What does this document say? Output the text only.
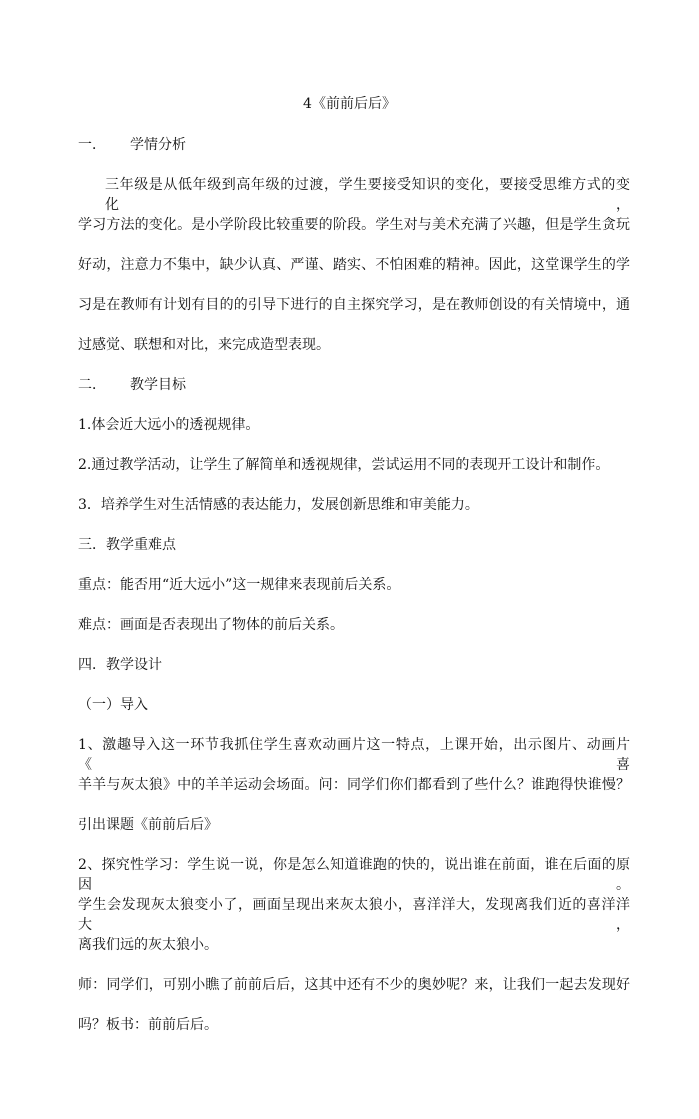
4《前前后后》
一． 学情分析
三年级是从低年级到高年级的过渡，学生要接受知识的变化，要接受思维方式的变化，
学习方法的变化。是小学阶段比较重要的阶段。学生对与美术充满了兴趣，但是学生贪玩
好动，注意力不集中，缺少认真、严谨、踏实、不怕困难的精神。因此，这堂课学生的学
习是在教师有计划有目的的引导下进行的自主探究学习，是在教师创设的有关情境中，通
过感觉、联想和对比，来完成造型表现。
二． 教学目标
1.体会近大远小的透视规律。
2.通过教学活动，让学生了解简单和透视规律，尝试运用不同的表现开工设计和制作。
3．培养学生对生活情感的表达能力，发展创新思维和审美能力。
三．教学重难点
重点：能否用“近大远小”这一规律来表现前后关系。
难点：画面是否表现出了物体的前后关系。
四．教学设计
（一）导入
1、激趣导入这一环节我抓住学生喜欢动画片这一特点，上课开始，出示图片、动画片《喜
羊羊与灰太狼》中的羊羊运动会场面。问：同学们你们都看到了些什么？谁跑得快谁慢？
引出课题《前前后后》
2、探究性学习：学生说一说，你是怎么知道谁跑的快的，说出谁在前面，谁在后面的原因。
学生会发现灰太狼变小了，画面呈现出来灰太狼小，喜洋洋大，发现离我们近的喜洋洋大，
离我们远的灰太狼小。
师：同学们，可别小瞧了前前后后，这其中还有不少的奥妙呢？来，让我们一起去发现好
吗？板书：前前后后。
